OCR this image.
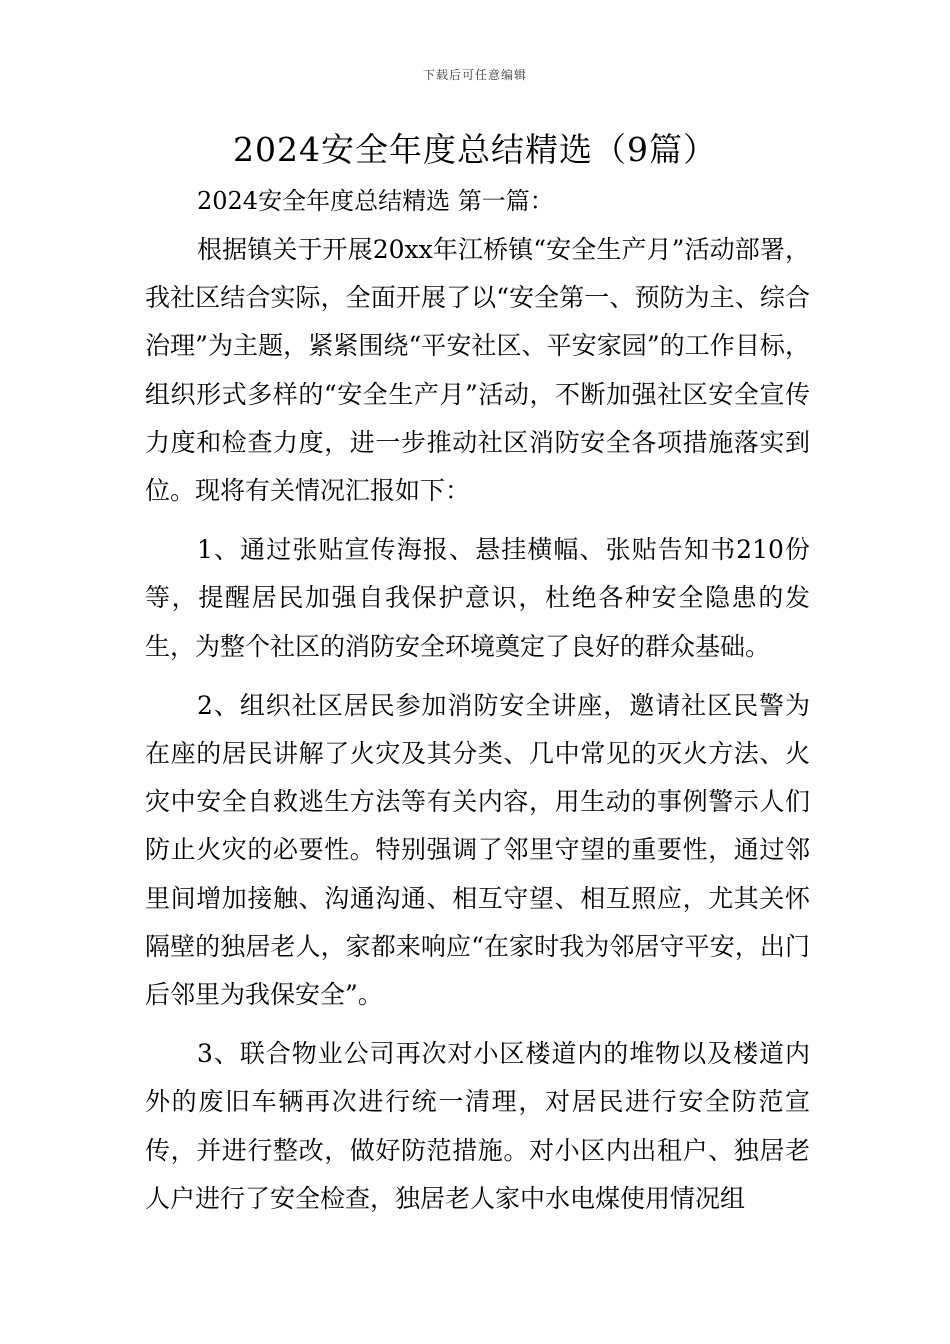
下载后可任意编辑
2024安全年度总结精选（9篇）

2024安全年度总结精选 第一篇：

根据镇关于开展20xx年江桥镇“安全生产月”活动部署，我社区结合实际，全面开展了以“安全第一、预防为主、综合治理”为主题，紧紧围绕“平安社区、平安家园”的工作目标，组织形式多样的“安全生产月”活动，不断加强社区安全宣传力度和检查力度，进一步推动社区消防安全各项措施落实到位。现将有关情况汇报如下：

1、通过张贴宣传海报、悬挂横幅、张贴告知书210份等，提醒居民加强自我保护意识，杜绝各种安全隐患的发生，为整个社区的消防安全环境奠定了良好的群众基础。

2、组织社区居民参加消防安全讲座，邀请社区民警为在座的居民讲解了火灾及其分类、几中常见的灭火方法、火灾中安全自救逃生方法等有关内容，用生动的事例警示人们防止火灾的必要性。特别强调了邻里守望的重要性，通过邻里间增加接触、沟通沟通、相互守望、相互照应，尤其关怀隔壁的独居老人，家都来响应“在家时我为邻居守平安，出门后邻里为我保安全”。

3、联合物业公司再次对小区楼道内的堆物以及楼道内外的废旧车辆再次进行统一清理，对居民进行安全防范宣传，并进行整改，做好防范措施。对小区内出租户、独居老人户进行了安全检查，独居老人家中水电煤使用情况组
